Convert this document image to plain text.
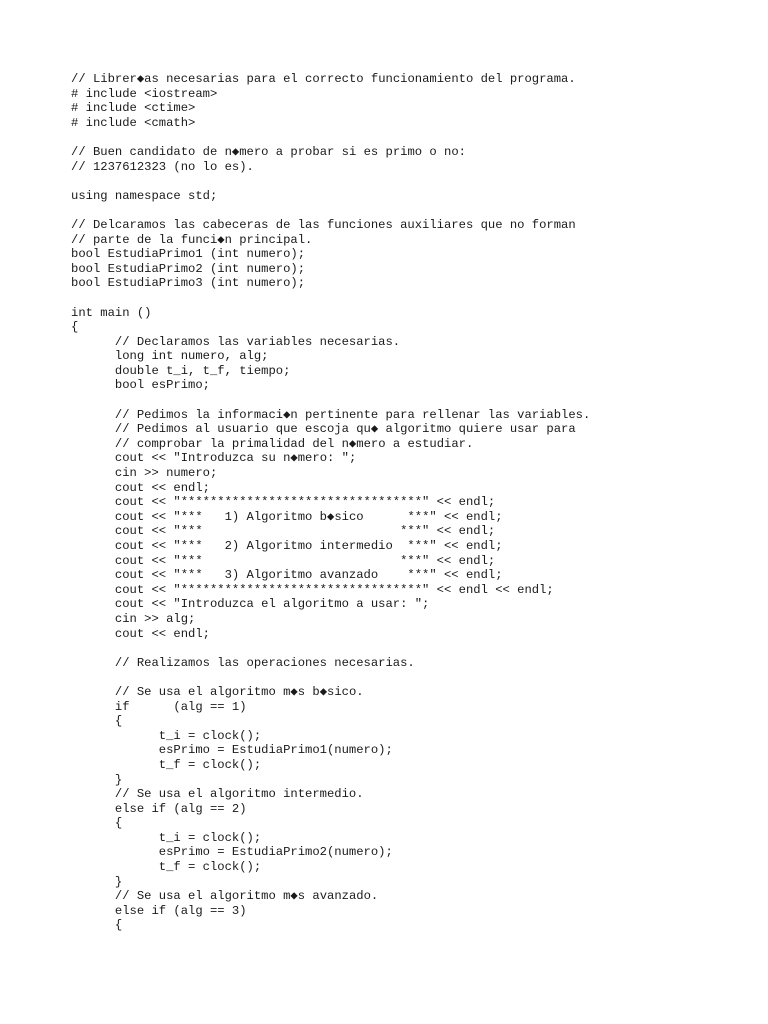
// Librer◆as necesarias para el correcto funcionamiento del programa.
# include <iostream>
# include <ctime>
# include <cmath>
// Buen candidato de n◆mero a probar si es primo o no:
// 1237612323 (no lo es).
using namespace std;
// Delcaramos las cabeceras de las funciones auxiliares que no forman
// parte de la funci◆n principal.
bool EstudiaPrimo1 (int numero);
bool EstudiaPrimo2 (int numero);
bool EstudiaPrimo3 (int numero);
int main ()
{
// Declaramos las variables necesarias.
long int numero, alg;
double t_i, t_f, tiempo;
bool esPrimo;
// Pedimos la informaci◆n pertinente para rellenar las variables.
// Pedimos al usuario que escoja qu◆ algoritmo quiere usar para
// comprobar la primalidad del n◆mero a estudiar.
cout << "Introduzca su n◆mero: ";
cin >> numero;
cout << endl;
cout << "*********************************" << endl;
cout << "***   1) Algoritmo b◆sico      ***" << endl;
cout << "***                           ***" << endl;
cout << "***   2) Algoritmo intermedio  ***" << endl;
cout << "***                           ***" << endl;
cout << "***   3) Algoritmo avanzado    ***" << endl;
cout << "*********************************" << endl << endl;
cout << "Introduzca el algoritmo a usar: ";
cin >> alg;
cout << endl;
// Realizamos las operaciones necesarias.
// Se usa el algoritmo m◆s b◆sico.
if      (alg == 1)
{
t_i = clock();
esPrimo = EstudiaPrimo1(numero);
t_f = clock();
}
// Se usa el algoritmo intermedio.
else if (alg == 2)
{
t_i = clock();
esPrimo = EstudiaPrimo2(numero);
t_f = clock();
}
// Se usa el algoritmo m◆s avanzado.
else if (alg == 3)
{
